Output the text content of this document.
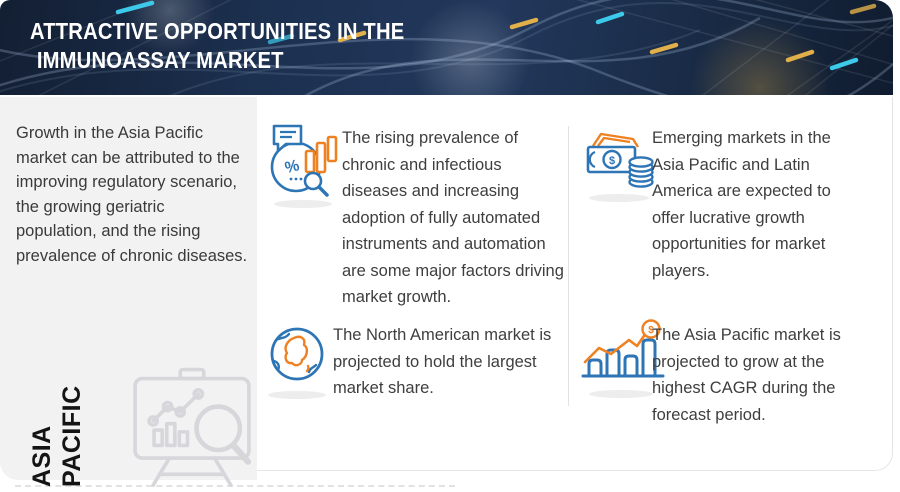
ATTRACTIVE OPPORTUNITIES IN THE
IMMUNOASSAY MARKET
Growth in the Asia Pacific market can be attributed to the improving regulatory scenario, the growing geriatric population, and the rising prevalence of chronic diseases.
ASIA PACIFIC
%
The rising prevalence of chronic and infectious diseases and increasing adoption of fully automated instruments and automation are some major factors driving market growth.
$
Emerging markets in the Asia Pacific and Latin America are expected to offer lucrative growth opportunities for market players.
The North American market is projected to hold the largest market share.
$
The Asia Pacific market is projected to grow at the highest CAGR during the forecast period.
